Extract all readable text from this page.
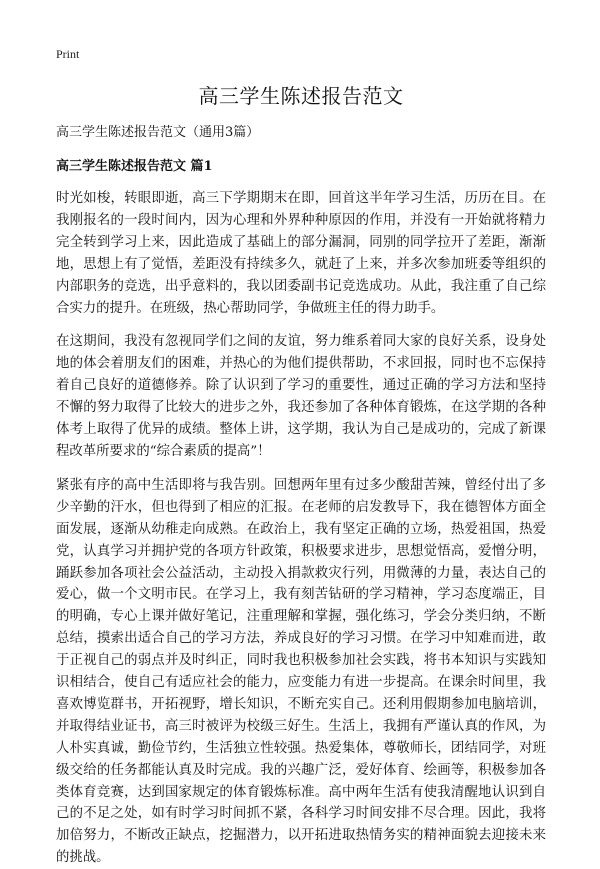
Print
高三学生陈述报告范文

高三学生陈述报告范文（通用3篇）

高三学生陈述报告范文 篇1

时光如梭，转眼即逝，高三下学期期末在即，回首这半年学习生活，历历在目。在我刚报名的一段时间内，因为心理和外界种种原因的作用，并没有一开始就将精力完全转到学习上来，因此造成了基础上的部分漏洞，同别的同学拉开了差距，渐渐地，思想上有了觉悟，差距没有持续多久，就赶了上来，并多次参加班委等组织的内部职务的竞选，出乎意料的，我以团委副书记竞选成功。从此，我注重了自己综合实力的提升。在班级，热心帮助同学，争做班主任的得力助手。

在这期间，我没有忽视同学们之间的友谊，努力维系着同大家的良好关系，设身处地的体会着朋友们的困难，并热心的为他们提供帮助，不求回报，同时也不忘保持着自己良好的道德修养。除了认识到了学习的重要性，通过正确的学习方法和坚持不懈的努力取得了比较大的进步之外，我还参加了各种体育锻炼，在这学期的各种体考上取得了优异的成绩。整体上讲，这学期，我认为自己是成功的，完成了新课程改革所要求的“综合素质的提高”！

紧张有序的高中生活即将与我告别。回想两年里有过多少酸甜苦辣，曾经付出了多少辛勤的汗水，但也得到了相应的汇报。在老师的启发教导下，我在德智体方面全面发展，逐渐从幼稚走向成熟。在政治上，我有坚定正确的立场，热爱祖国，热爱党，认真学习并拥护党的各项方针政策，积极要求进步，思想觉悟高，爱憎分明，踊跃参加各项社会公益活动，主动投入捐款救灾行列，用微薄的力量，表达自己的爱心，做一个文明市民。在学习上，我有刻苦钻研的学习精神，学习态度端正，目的明确，专心上课并做好笔记，注重理解和掌握，强化练习，学会分类归纳，不断总结，摸索出适合自己的学习方法，养成良好的学习习惯。在学习中知难而进，敢于正视自己的弱点并及时纠正，同时我也积极参加社会实践，将书本知识与实践知识相结合，使自己有适应社会的能力，应变能力有进一步提高。在课余时间里，我喜欢博览群书，开拓视野，增长知识，不断充实自己。还利用假期参加电脑培训，并取得结业证书，高三时被评为校级三好生。生活上，我拥有严谨认真的作风，为人朴实真诚，勤俭节约，生活独立性较强。热爱集体，尊敬师长，团结同学，对班级交给的任务都能认真及时完成。我的兴趣广泛，爱好体育、绘画等，积极参加各类体育竞赛，达到国家规定的体育锻炼标准。高中两年生活有使我清醒地认识到自己的不足之处，如有时学习时间抓不紧，各科学习时间安排不尽合理。因此，我将加倍努力，不断改正缺点，挖掘潜力，以开拓进取热情务实的精神面貌去迎接未来的挑战。
